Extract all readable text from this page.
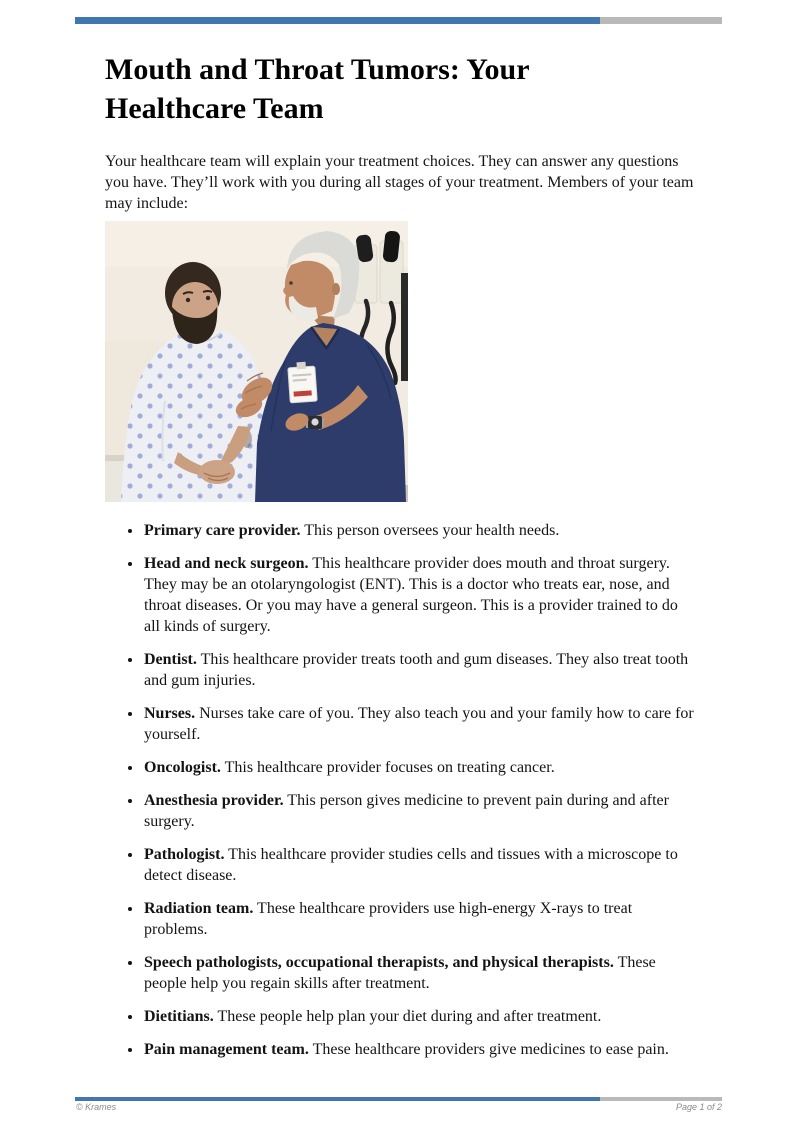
Mouth and Throat Tumors: Your Healthcare Team

Your healthcare team will explain your treatment choices. They can answer any questions you have. They’ll work with you during all stages of your treatment. Members of your team may include:

• Primary care provider. This person oversees your health needs.
• Head and neck surgeon. This healthcare provider does mouth and throat surgery. They may be an otolaryngologist (ENT). This is a doctor who treats ear, nose, and throat diseases. Or you may have a general surgeon. This is a provider trained to do all kinds of surgery.
• Dentist. This healthcare provider treats tooth and gum diseases. They also treat tooth and gum injuries.
• Nurses. Nurses take care of you. They also teach you and your family how to care for yourself.
• Oncologist. This healthcare provider focuses on treating cancer.
• Anesthesia provider. This person gives medicine to prevent pain during and after surgery.
• Pathologist. This healthcare provider studies cells and tissues with a microscope to detect disease.
• Radiation team. These healthcare providers use high-energy X-rays to treat problems.
• Speech pathologists, occupational therapists, and physical therapists. These people help you regain skills after treatment.
• Dietitians. These people help plan your diet during and after treatment.
• Pain management team. These healthcare providers give medicines to ease pain.
© Krames	Page 1 of 2
